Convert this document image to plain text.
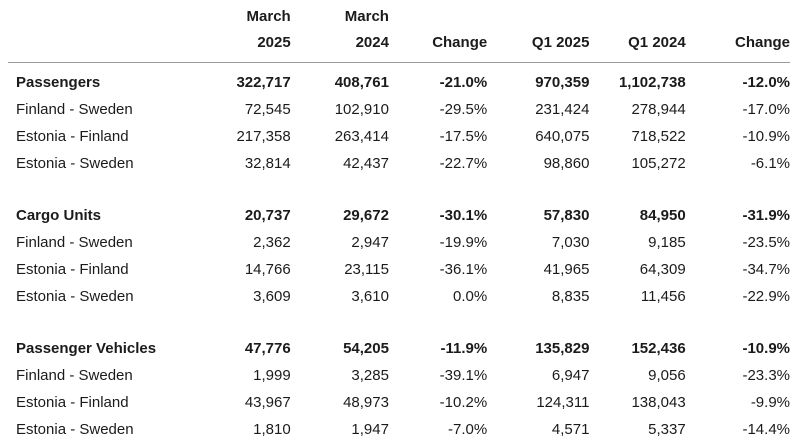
	March	March				
	2025	2024	Change	Q1 2025	Q1 2024	Change
Passengers	322,717	408,761	-21.0%	970,359	1,102,738	-12.0%
Finland - Sweden	72,545	102,910	-29.5%	231,424	278,944	-17.0%
Estonia - Finland	217,358	263,414	-17.5%	640,075	718,522	-10.9%
Estonia - Sweden	32,814	42,437	-22.7%	98,860	105,272	-6.1%

Cargo Units	20,737	29,672	-30.1%	57,830	84,950	-31.9%
Finland - Sweden	2,362	2,947	-19.9%	7,030	9,185	-23.5%
Estonia - Finland	14,766	23,115	-36.1%	41,965	64,309	-34.7%
Estonia - Sweden	3,609	3,610	0.0%	8,835	11,456	-22.9%

Passenger Vehicles	47,776	54,205	-11.9%	135,829	152,436	-10.9%
Finland - Sweden	1,999	3,285	-39.1%	6,947	9,056	-23.3%
Estonia - Finland	43,967	48,973	-10.2%	124,311	138,043	-9.9%
Estonia - Sweden	1,810	1,947	-7.0%	4,571	5,337	-14.4%
